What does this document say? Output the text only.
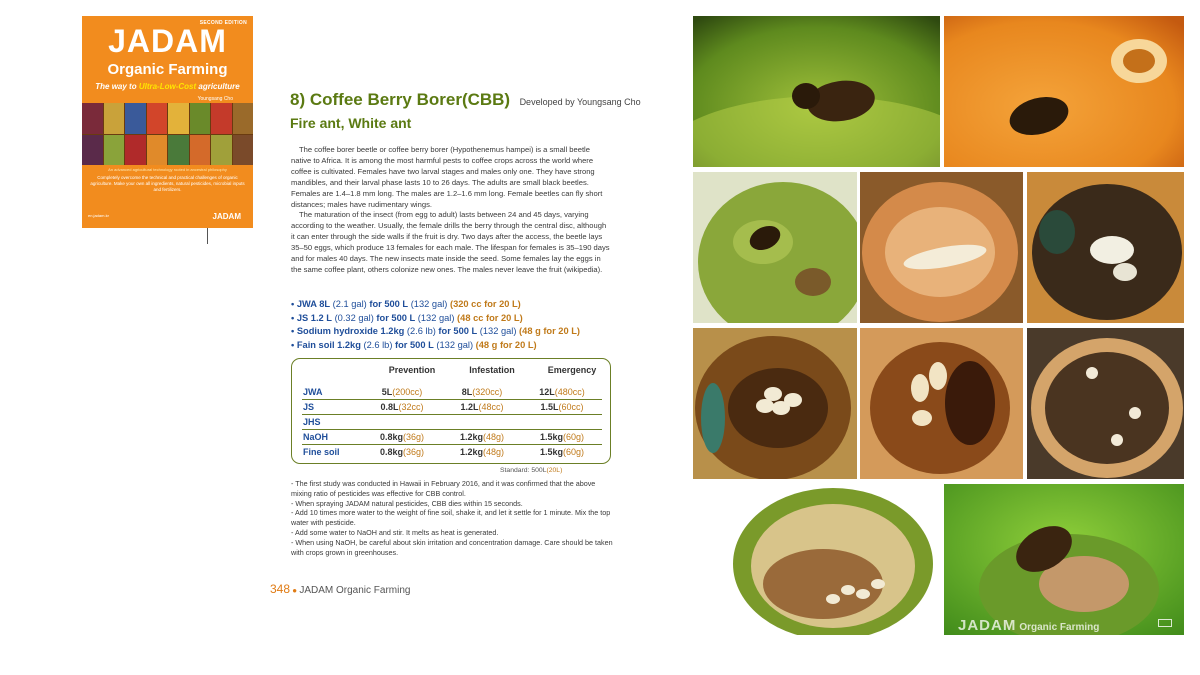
SECOND EDITION
JADAM
Organic Farming
The way to Ultra-Low-Cost agriculture
Youngsang Cho
An advanced agricultural technology rooted in ancestral philosophy
Completely overcome the technical and practical challenges of organic agriculture. Make your own all ingredients, natural pesticides, microbial inputs and fertilizers.
en.jadam.kr	JADAM
8) Coffee Berry Borer(CBB) Developed by Youngsang Cho
Fire ant, White ant

The coffee borer beetle or coffee berry borer (Hypothenemus hampei) is a small beetle native to Africa. It is among the most harmful pests to coffee crops across the world where coffee is cultivated. Females have two larval stages and males only one. They have strong mandibles, and their larval phase lasts 10 to 26 days. The adults are small black beetles. Females are 1.4–1.8 mm long. The males are 1.2–1.6 mm long. Female beetles can fly short distances; males have rudimentary wings.

The maturation of the insect (from egg to adult) lasts between 24 and 45 days, varying according to the weather. Usually, the female drills the berry through the central disc, although it can enter through the side walls if the fruit is dry. Two days after the access, the beetle lays 35–50 eggs, which produce 13 females for each male. The lifespan for females is 35–190 days and for males 40 days. The new insects mate inside the seed. Some females lay the eggs in the same coffee plant, others colonize new ones. The males never leave the fruit (wikipedia).

• JWA 8L (2.1 gal) for 500 L (132 gal) (320 cc for 20 L)
• JS 1.2 L (0.32 gal) for 500 L (132 gal) (48 cc for 20 L)
• Sodium hydroxide 1.2kg (2.6 lb) for 500 L (132 gal) (48 g for 20 L)
• Fain soil 1.2kg (2.6 lb) for 500 L (132 gal) (48 g for 20 L)
Prevention	Infestation	Emergency
JWA	5L(200cc)	8L(320cc)	12L(480cc)
JS	0.8L(32cc)	1.2L(48cc)	1.5L(60cc)
JHS
NaOH	0.8kg(36g)	1.2kg(48g)	1.5kg(60g)
Fine soil	0.8kg(36g)	1.2kg(48g)	1.5kg(60g)
Standard: 500L(20L)
- The first study was conducted in Hawaii in February 2016, and it was confirmed that the above mixing ratio of pesticides was effective for CBB control.
- When spraying JADAM natural pesticides, CBB dies within 15 seconds.
- Add 10 times more water to the weight of fine soil, shake it, and let it settle for 1 minute. Mix the top water with pesticide.
- Add some water to NaOH and stir. It melts as heat is generated.
- When using NaOH, be careful about skin irritation and concentration damage. Care should be taken with crops grown in greenhouses.
348 ● JADAM Organic Farming
JADAM Organic Farming
